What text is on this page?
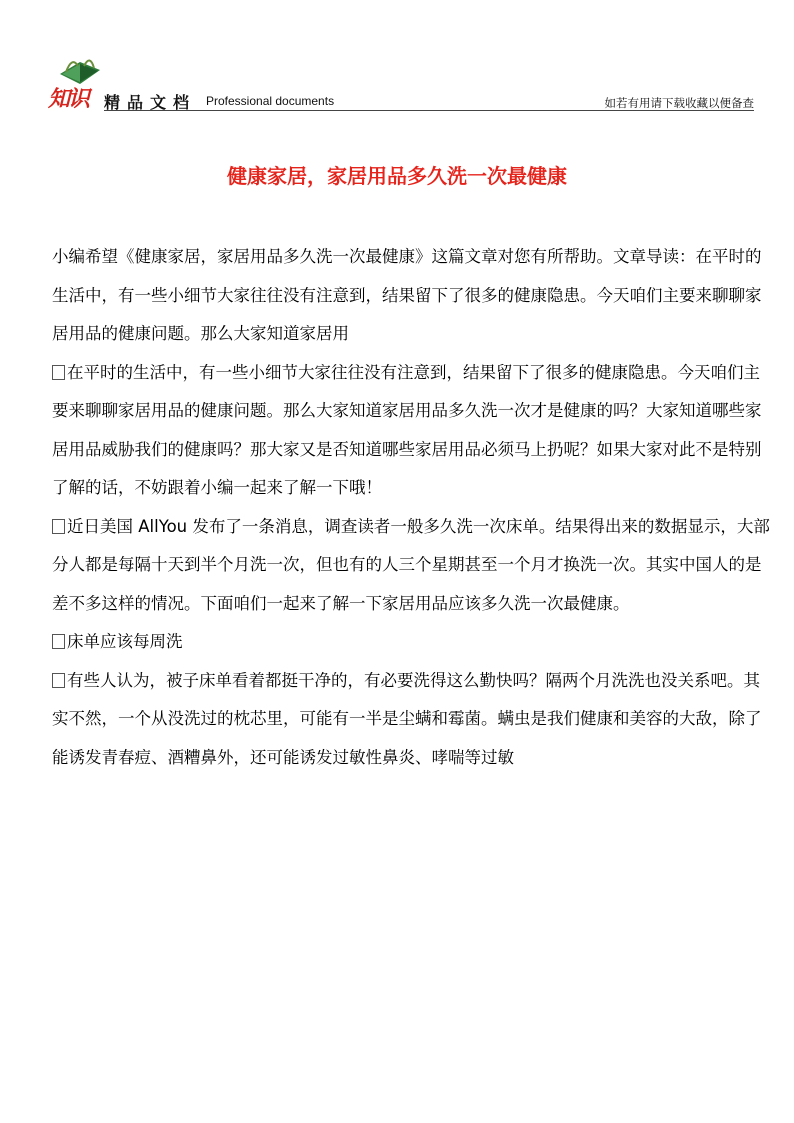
知识 精品文档 Professional documents	如若有用请下载收藏以便备查
健康家居，家居用品多久洗一次最健康

小编希望《健康家居，家居用品多久洗一次最健康》这篇文章对您有所帮助。文章导读：在平时的生活中，有一些小细节大家往往没有注意到，结果留下了很多的健康隐患。今天咱们主要来聊聊家居用品的健康问题。那么大家知道家居用

在平时的生活中，有一些小细节大家往往没有注意到，结果留下了很多的健康隐患。今天咱们主要来聊聊家居用品的健康问题。那么大家知道家居用品多久洗一次才是健康的吗？大家知道哪些家居用品威胁我们的健康吗？那大家又是否知道哪些家居用品必须马上扔呢？如果大家对此不是特别了解的话，不妨跟着小编一起来了解一下哦！

近日美国 AllYou 发布了一条消息，调查读者一般多久洗一次床单。结果得出来的数据显示，大部分人都是每隔十天到半个月洗一次，但也有的人三个星期甚至一个月才换洗一次。其实中国人的是差不多这样的情况。下面咱们一起来了解一下家居用品应该多久洗一次最健康。

床单应该每周洗

有些人认为，被子床单看着都挺干净的，有必要洗得这么勤快吗？隔两个月洗洗也没关系吧。其实不然，一个从没洗过的枕芯里，可能有一半是尘螨和霉菌。螨虫是我们健康和美容的大敌，除了能诱发青春痘、酒糟鼻外，还可能诱发过敏性鼻炎、哮喘等过敏
